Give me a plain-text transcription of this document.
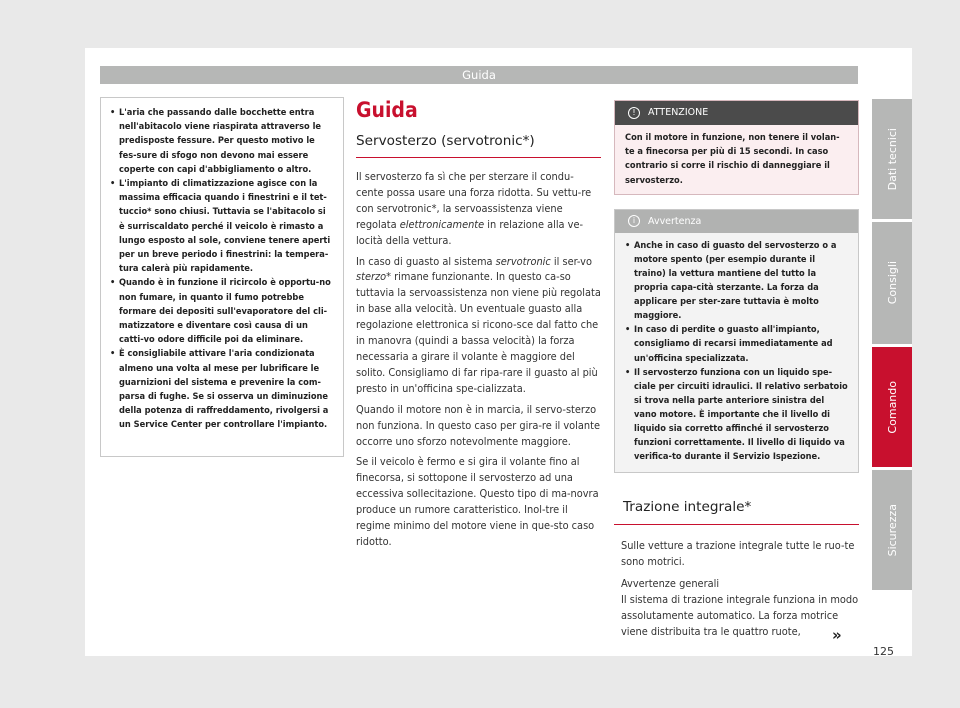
Guida
• L'aria che passando dalle bocchette entra nell'abitacolo viene riaspirata attraverso le predisposte fessure. Per questo motivo le fes-sure di sfogo non devono mai essere coperte con capi d'abbigliamento o altro.
• L'impianto di climatizzazione agisce con la massima efficacia quando i finestrini e il tet-tuccio* sono chiusi. Tuttavia se l'abitacolo si è surriscaldato perché il veicolo è rimasto a lungo esposto al sole, conviene tenere aperti per un breve periodo i finestrini: la tempera-tura calerà più rapidamente.
• Quando è in funzione il ricircolo è opportu-no non fumare, in quanto il fumo potrebbe formare dei depositi sull'evaporatore del cli-matizzatore e diventare così causa di un catti-vo odore difficile poi da eliminare.
• È consigliabile attivare l'aria condizionata almeno una volta al mese per lubrificare le guarnizioni del sistema e prevenire la com-parsa di fughe. Se si osserva un diminuzione della potenza di raffreddamento, rivolgersi a un Service Center per controllare l'impianto.
Guida
Servosterzo (servotronic*)

Il servosterzo fa sì che per sterzare il condu-cente possa usare una forza ridotta. Su vettu-re con servotronic*, la servoassistenza viene regolata elettronicamente in relazione alla ve-locità della vettura.

In caso di guasto al sistema servotronic il ser-vo sterzo* rimane funzionante. In questo ca-so tuttavia la servoassistenza non viene più regolata in base alla velocità. Un eventuale guasto alla regolazione elettronica si ricono-sce dal fatto che in manovra (quindi a bassa velocità) la forza necessaria a girare il volante è maggiore del solito. Consigliamo di far ripa-rare il guasto al più presto in un'officina spe-cializzata.

Quando il motore non è in marcia, il servo-sterzo non funziona. In questo caso per gira-re il volante occorre uno sforzo notevolmente maggiore.

Se il veicolo è fermo e si gira il volante fino al finecorsa, si sottopone il servosterzo ad una eccessiva sollecitazione. Questo tipo di ma-novra produce un rumore caratteristico. Inol-tre il regime minimo del motore viene in que-sto caso ridotto.

!	ATTENZIONE
Con il motore in funzione, non tenere il volan-te a finecorsa per più di 15 secondi. In caso contrario si corre il rischio di danneggiare il servosterzo.
i	Avvertenza
• Anche in caso di guasto del servosterzo o a motore spento (per esempio durante il traino) la vettura mantiene del tutto la propria capa-cità sterzante. La forza da applicare per ster-zare tuttavia è molto maggiore.
• In caso di perdite o guasto all'impianto, consigliamo di recarsi immediatamente ad un'officina specializzata.
• Il servosterzo funziona con un liquido spe-ciale per circuiti idraulici. Il relativo serbatoio si trova nella parte anteriore sinistra del vano motore. È importante che il livello di liquido sia corretto affinché il servosterzo funzioni correttamente. Il livello di liquido va verifica-to durante il Servizio Ispezione.
Trazione integrale*

Sulle vetture a trazione integrale tutte le ruo-te sono motrici.

Avvertenze generali

Il sistema di trazione integrale funziona in modo assolutamente automatico. La forza motrice viene distribuita tra le quattro ruote,	»
125
Dati tecnici
Consigli
Comando
Sicurezza
